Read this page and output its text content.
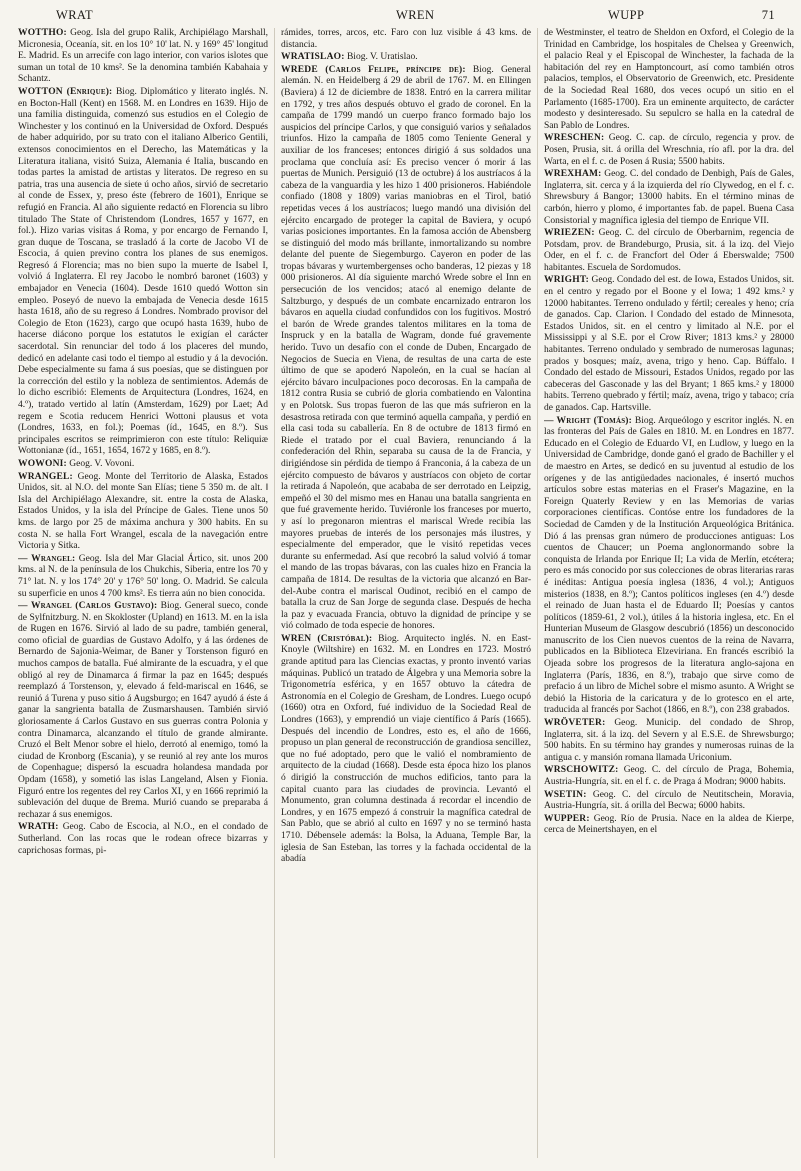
WRAT	WREN	WUPP	71

WOTTHO: Geog. Isla del grupo Ralik, Archipiélago Marshall, Micronesia, Oceanía, sit. en los 10° 10' lat. N. y 169° 45' longitud E. Madrid. Es un arrecife con lago interior, con varios islotes que suman un total de 10 kms². Se la denomina también Kabahaia y Schantz.

WOTTON (Enrique): Biog. Diplomático y literato inglés. N. en Bocton-Hall (Kent) en 1568. M. en Londres en 1639. Hijo de una familia distinguida, comenzó sus estudios en el Colegio de Winchester y los continuó en la Universidad de Oxford. Después de haber adquirido, por su trato con el italiano Alberico Gentili, extensos conocimientos en el Derecho, las Matemáticas y la Literatura italiana, visitó Suiza, Alemania é Italia, buscando en todas partes la amistad de artistas y literatos. De regreso en su patria, tras una ausencia de siete ú ocho años, sirvió de secretario al conde de Essex, y, preso éste (febrero de 1601), Enrique se refugió en Francia. Al año siguiente redactó en Florencia su libro titulado The State of Christendom (Londres, 1657 y 1677, en fol.). Hizo varias visitas á Roma, y por encargo de Fernando I, gran duque de Toscana, se trasladó á la corte de Jacobo VI de Escocia, á quien previno contra los planes de sus enemigos. Regresó á Florencia; mas no bien supo la muerte de Isabel I, volvió á Inglaterra. El rey Jacobo le nombró baronet (1603) y embajador en Venecia (1604). Desde 1610 quedó Wotton sin empleo. Poseyó de nuevo la embajada de Venecia desde 1615 hasta 1618, año de su regreso á Londres. Nombrado provisor del Colegio de Eton (1623), cargo que ocupó hasta 1639, hubo de hacerse diácono porque los estatutos le exigían el carácter sacerdotal. Sin renunciar del todo á los placeres del mundo, dedicó en adelante casi todo el tiempo al estudio y á la devoción. Debe especialmente su fama á sus poesías, que se distinguen por la corrección del estilo y la nobleza de sentimientos. Además de lo dicho escribió: Elements de Arquitectura (Londres, 1624, en 4.º), tratado vertido al latín (Amsterdam, 1629) por Laet; Ad regem e Scotia reducem Henrici Wottoni plausus et vota (Londres, 1633, en fol.); Poemas (íd., 1645, en 8.º). Sus principales escritos se reimprimieron con este título: Reliquiæ Wottonianæ (íd., 1651, 1654, 1672 y 1685, en 8.º).

WOWONI: Geog. V. Vovoni.

WRANGEL: Geog. Monte del Territorio de Alaska, Estados Unidos, sit. al N.O. del monte San Elías; tiene 5 350 m. de alt. ‖ Isla del Archipiélago Alexandre, sit. entre la costa de Alaska, Estados Unidos, y la isla del Príncipe de Gales. Tiene unos 50 kms. de largo por 25 de máxima anchura y 300 habits. En su costa N. se halla Fort Wrangel, escala de la navegación entre Victoria y Sitka.

— Wrangel: Geog. Isla del Mar Glacial Ártico, sit. unos 200 kms. al N. de la península de los Chukchis, Siberia, entre los 70 y 71° lat. N. y los 174° 20' y 176° 50' long. O. Madrid. Se calcula su superficie en unos 4 700 kms². Es tierra aún no bien conocida.

— Wrangel (Carlos Gustavo): Biog. General sueco, conde de Sylfnitzburg. N. en Skokloster (Upland) en 1613. M. en la isla de Rugen en 1676. Sirvió al lado de su padre, también general, como oficial de guardias de Gustavo Adolfo, y á las órdenes de Bernardo de Sajonia-Weimar, de Baner y Torstenson figuró en muchos campos de batalla. Fué almirante de la escuadra, y el que obligó al rey de Dinamarca á firmar la paz en 1645; después reemplazó á Torstenson, y, elevado á feld-mariscal en 1646, se reunió á Turena y puso sitio á Augsburgo; en 1647 ayudó á éste á ganar la sangrienta batalla de Zusmarshausen. También sirvió gloriosamente á Carlos Gustavo en sus guerras contra Polonia y contra Dinamarca, alcanzando el título de grande almirante. Cruzó el Belt Menor sobre el hielo, derrotó al enemigo, tomó la ciudad de Kronborg (Escania), y se reunió al rey ante los muros de Copenhague; dispersó la escuadra holandesa mandada por Opdam (1658), y sometió las islas Langeland, Alsen y Fionia. Figuró entre los regentes del rey Carlos XI, y en 1666 reprimió la sublevación del duque de Brema. Murió cuando se preparaba á rechazar á sus enemigos.

WRATH: Geog. Cabo de Escocia, al N.O., en el condado de Sutherland. Con las rocas que le rodean ofrece bizarras y caprichosas formas, pi-

rámides, torres, arcos, etc. Faro con luz visible á 43 kms. de distancia.

WRATISLAO: Biog. V. Uratislao.

WREDE (Carlos Felipe, príncipe de): Biog. General alemán. N. en Heidelberg á 29 de abril de 1767. M. en Ellingen (Baviera) á 12 de diciembre de 1838. Entró en la carrera militar en 1792, y tres años después obtuvo el grado de coronel. En la campaña de 1799 mandó un cuerpo franco formado bajo los auspicios del príncipe Carlos, y que consiguió varios y señalados triunfos. Hizo la campaña de 1805 como Teniente General y auxiliar de los franceses; entonces dirigió á sus soldados una proclama que concluía así: Es preciso vencer ó morir á las puertas de Munich. Persiguió (13 de octubre) á los austríacos á la cabeza de la vanguardia y les hizo 1 400 prisioneros. Habiéndole confiado (1808 y 1809) varias maniobras en el Tirol, batió repetidas veces á los austríacos; luego mandó una división del ejército encargado de proteger la capital de Baviera, y ocupó varias posiciones importantes. En la famosa acción de Abensberg se distinguió del modo más brillante, inmortalizando su nombre delante del puente de Siegemburgo. Cayeron en poder de las tropas bávaras y wurtembergenses ocho banderas, 12 piezas y 18 000 prisioneros. Al día siguiente marchó Wrede sobre el Inn en persecución de los vencidos; atacó al enemigo delante de Saltzburgo, y después de un combate encarnizado entraron los bávaros en aquella ciudad confundidos con los fugitivos. Mostró el barón de Wrede grandes talentos militares en la toma de Inspruck y en la batalla de Wagram, donde fué gravemente herido. Tuvo un desafío con el conde de Duben, Encargado de Negocios de Suecia en Viena, de resultas de una carta de este último de que se apoderó Napoleón, en la cual se hacían al ejército bávaro inculpaciones poco decorosas. En la campaña de 1812 contra Rusia se cubrió de gloria combatiendo en Valontina y en Polotsk. Sus tropas fueron de las que más sufrieron en la desastrosa retirada con que terminó aquella campaña, y perdió en ella casi toda su caballería. En 8 de octubre de 1813 firmó en Riede el tratado por el cual Baviera, renunciando á la confederación del Rhin, separaba su causa de la de Francia, y dirigiéndose sin pérdida de tiempo á Franconia, á la cabeza de un ejército compuesto de bávaros y austríacos con objeto de cortar la retirada á Napoleón, que acababa de ser derrotado en Leipzig, empeñó el 30 del mismo mes en Hanau una batalla sangrienta en que fué gravemente herido. Tuviéronle los franceses por muerto, y así lo pregonaron mientras el mariscal Wrede recibía las mayores pruebas de interés de los personajes más ilustres, y especialmente del emperador, que le visitó repetidas veces durante su enfermedad. Así que recobró la salud volvió á tomar el mando de las tropas bávaras, con las cuales hizo en Francia la campaña de 1814. De resultas de la victoria que alcanzó en Bar-del-Aube contra el mariscal Oudinot, recibió en el campo de batalla la cruz de San Jorge de segunda clase. Después de hecha la paz y evacuada Francia, obtuvo la dignidad de príncipe y se vió colmado de toda especie de honores.

WREN (Cristóbal): Biog. Arquitecto inglés. N. en East-Knoyle (Wiltshire) en 1632. M. en Londres en 1723. Mostró grande aptitud para las Ciencias exactas, y pronto inventó varias máquinas. Publicó un tratado de Álgebra y una Memoria sobre la Trigonometría esférica, y en 1657 obtuvo la cátedra de Astronomía en el Colegio de Gresham, de Londres. Luego ocupó (1660) otra en Oxford, fué individuo de la Sociedad Real de Londres (1663), y emprendió un viaje científico á París (1665). Después del incendio de Londres, esto es, el año de 1666, propuso un plan general de reconstrucción de grandiosa sencillez, que no fué adoptado, pero que le valió el nombramiento de arquitecto de la ciudad (1668). Desde esta época hizo los planos ó dirigió la construcción de muchos edificios, tanto para la capital cuanto para las ciudades de provincia. Levantó el Monumento, gran columna destinada á recordar el incendio de Londres, y en 1675 empezó á construir la magnífica catedral de San Pablo, que se abrió al culto en 1697 y no se terminó hasta 1710. Débensele además: la Bolsa, la Aduana, Temple Bar, la iglesia de San Esteban, las torres y la fachada occidental de la abadía

de Westminster, el teatro de Sheldon en Oxford, el Colegio de la Trinidad en Cambridge, los hospitales de Chelsea y Greenwich, el palacio Real y el Episcopal de Winchester, la fachada de la habitación del rey en Hamptoncourt, así como también otros palacios, templos, el Observatorio de Greenwich, etc. Presidente de la Sociedad Real 1680, dos veces ocupó un sitio en el Parlamento (1685-1700). Era un eminente arquitecto, de carácter modesto y desinteresado. Su sepulcro se halla en la catedral de San Pablo de Londres.

WRESCHEN: Geog. C. cap. de círculo, regencia y prov. de Posen, Prusia, sit. á orilla del Wreschnia, río afl. por la dra. del Warta, en el f. c. de Posen á Rusia; 5500 habits.

WREXHAM: Geog. C. del condado de Denbigh, País de Gales, Inglaterra, sit. cerca y á la izquierda del río Clywedog, en el f. c. Shrewsbury á Bangor; 13000 habits. En el término minas de carbón, hierro y plomo, é importantes fab. de papel. Buena Casa Consistorial y magnífica iglesia del tiempo de Enrique VII.

WRIEZEN: Geog. C. del círculo de Oberbarnim, regencia de Potsdam, prov. de Brandeburgo, Prusia, sit. á la izq. del Viejo Oder, en el f. c. de Francfort del Oder á Eberswalde; 7500 habitantes. Escuela de Sordomudos.

WRIGHT: Geog. Condado del est. de Iowa, Estados Unidos, sit. en el centro y regado por el Boone y el Iowa; 1 492 kms.² y 12000 habitantes. Terreno ondulado y fértil; cereales y heno; cría de ganados. Cap. Clarion. ‖ Condado del estado de Minnesota, Estados Unidos, sit. en el centro y limitado al N.E. por el Mississippi y al S.E. por el Crow River; 1813 kms.² y 28000 habitantes. Terreno ondulado y sembrado de numerosas lagunas; prados y bosques; maíz, avena, trigo y heno. Cap. Búffalo. ‖ Condado del estado de Missouri, Estados Unidos, regado por las cabeceras del Gasconade y las del Bryant; 1 865 kms.² y 18000 habits. Terreno quebrado y fértil; maíz, avena, trigo y tabaco; cría de ganados. Cap. Hartsville.

— Wright (Tomás): Biog. Arqueólogo y escritor inglés. N. en las fronteras del País de Gales en 1810. M. en Londres en 1877. Educado en el Colegio de Eduardo VI, en Ludlow, y luego en la Universidad de Cambridge, donde ganó el grado de Bachiller y el de maestro en Artes, se dedicó en su juventud al estudio de los orígenes y de las antigüedades nacionales, é insertó muchos artículos sobre estas materias en el Fraser's Magazine, en la Foreign Quaterly Review y en las Memorias de varias corporaciones científicas. Contóse entre los fundadores de la Sociedad de Camden y de la Institución Arqueológica Británica. Dió á las prensas gran número de producciones antiguas: Los cuentos de Chaucer; un Poema anglonormando sobre la conquista de Irlanda por Enrique II; La vida de Merlín, etcétera; pero es más conocido por sus colecciones de obras literarias raras é inéditas: Antigua poesía inglesa (1836, 4 vol.); Antiguos misterios (1838, en 8.º); Cantos políticos ingleses (en 4.º) desde el reinado de Juan hasta el de Eduardo II; Poesías y cantos políticos (1859-61, 2 vol.), útiles á la historia inglesa, etc. En el Hunterian Museum de Glasgow descubrió (1856) un desconocido manuscrito de los Cien nuevos cuentos de la reina de Navarra, publicados en la Biblioteca Elzeviriana. En francés escribió la Ojeada sobre los progresos de la literatura anglo-sajona en Inglaterra (París, 1836, en 8.º), trabajo que sirve como de prefacio á un libro de Michel sobre el mismo asunto. A Wright se debió la Historia de la caricatura y de lo grotesco en el arte, traducida al francés por Sachot (1866, en 8.º), con 238 grabados.

WRÖVETER: Geog. Municip. del condado de Shrop, Inglaterra, sit. á la izq. del Severn y al E.S.E. de Shrewsburgo; 500 habits. En su término hay grandes y numerosas ruinas de la antigua c. y mansión romana llamada Uriconium.

WRSCHOWITZ: Geog. C. del círculo de Praga, Bohemia, Austria-Hungría, sit. en el f. c. de Praga á Modran; 9000 habits.

WSETIN: Geog. C. del círculo de Neutitschein, Moravia, Austria-Hungría, sit. á orilla del Becwa; 6000 habits.

WUPPER: Geog. Río de Prusia. Nace en la aldea de Kierpe, cerca de Meinertshayen, en el
